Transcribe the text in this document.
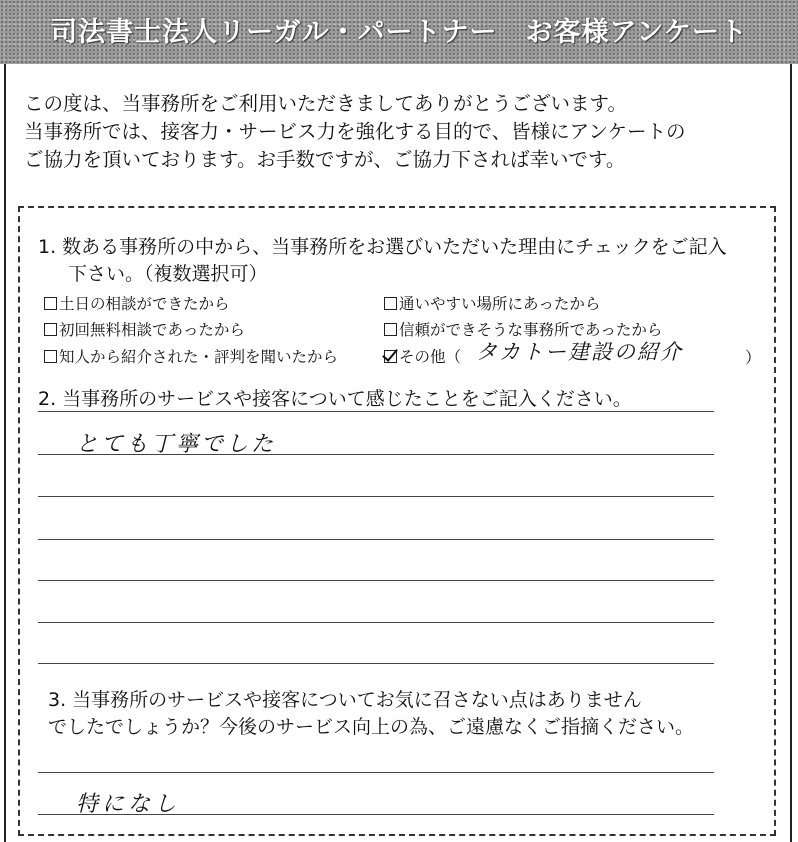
司法書士法人リーガル・パートナー　お客様アンケート
この度は、当事務所をご利用いただきましてありがとうございます。
当事務所では、接客力・サービス力を強化する目的で、皆様にアンケートの
ご協力を頂いております。お手数ですが、ご協力下されば幸いです。
1. 数ある事務所の中から、当事務所をお選びいただいた理由にチェックをご記入
下さい。（複数選択可）
土日の相談ができたから	通いやすい場所にあったから
初回無料相談であったから	信頼ができそうな事務所であったから
知人から紹介された・評判を聞いたから	その他（ タカトー建設の紹介	）
2. 当事務所のサービスや接客について感じたことをご記入ください。
とても丁寧でした
3. 当事務所のサービスや接客についてお気に召さない点はありません
でしたでしょうか？今後のサービス向上の為、ご遠慮なくご指摘ください。
特になし
